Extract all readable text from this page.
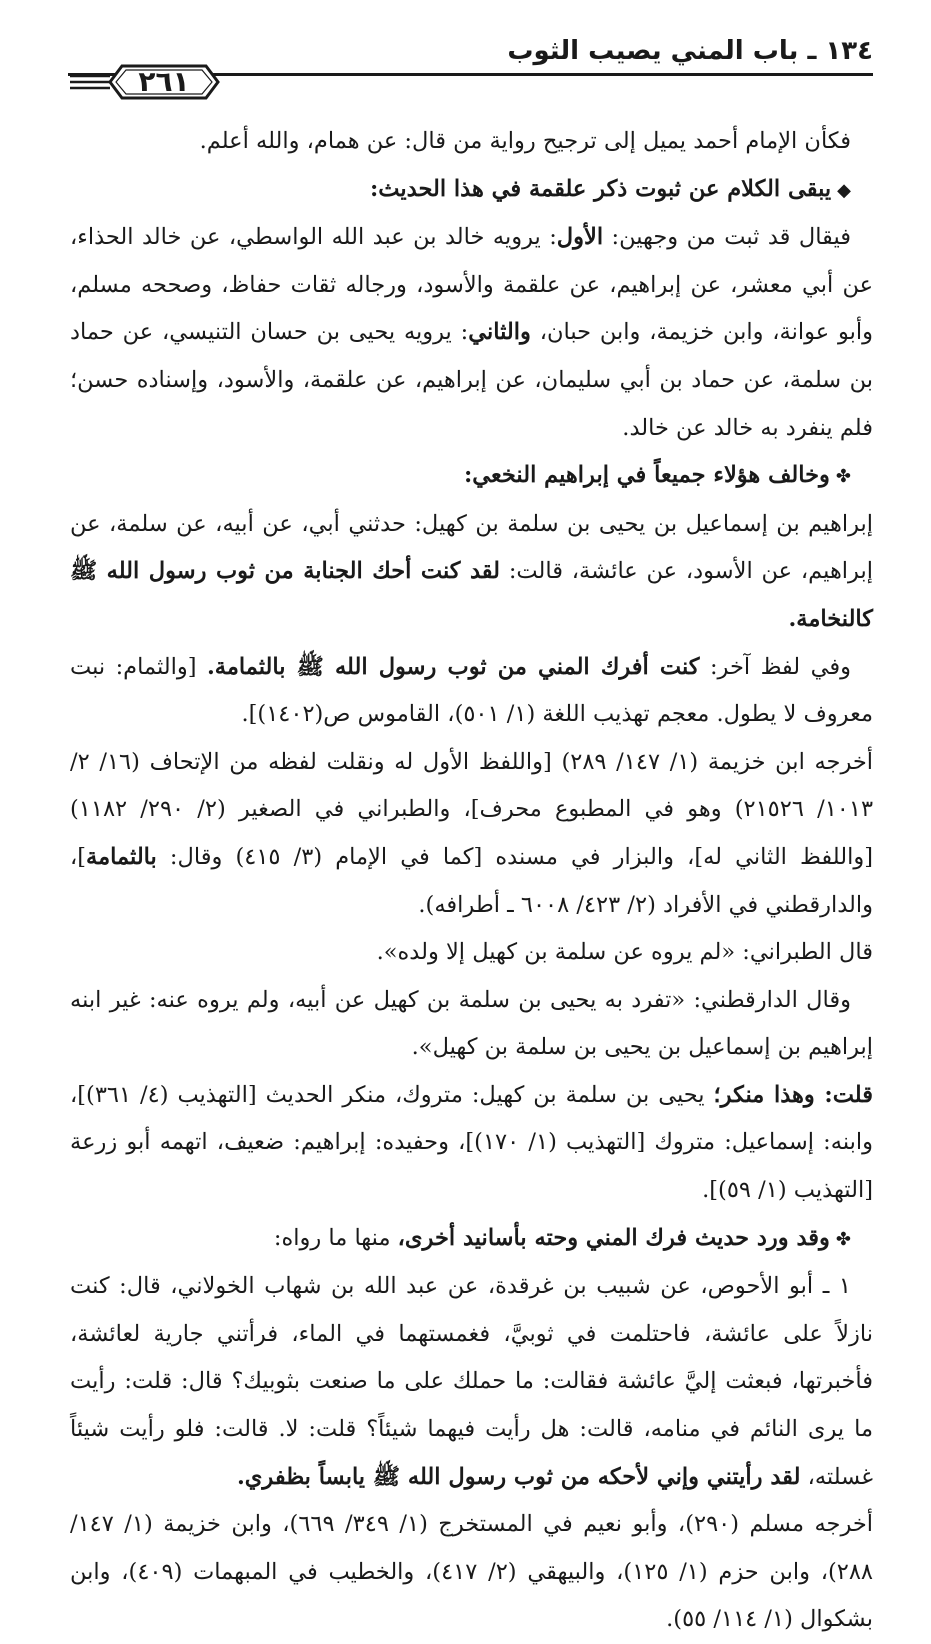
١٣٤ ـ باب المني يصيب الثوب
٢٦١

فكأن الإمام أحمد يميل إلى ترجيح رواية من قال: عن همام، والله أعلم.

◆يبقى الكلام عن ثبوت ذكر علقمة في هذا الحديث:

فيقال قد ثبت من وجهين: الأول: يرويه خالد بن عبد الله الواسطي، عن خالد الحذاء، عن أبي معشر، عن إبراهيم، عن علقمة والأسود، ورجاله ثقات حفاظ، وصححه مسلم، وأبو عوانة، وابن خزيمة، وابن حبان، والثاني: يرويه يحيى بن حسان التنيسي، عن حماد بن سلمة، عن حماد بن أبي سليمان، عن إبراهيم، عن علقمة، والأسود، وإسناده حسن؛ فلم ينفرد به خالد عن خالد.

✤وخالف هؤلاء جميعاً في إبراهيم النخعي:

إبراهيم بن إسماعيل بن يحيى بن سلمة بن كهيل: حدثني أبي، عن أبيه، عن سلمة، عن إبراهيم، عن الأسود، عن عائشة، قالت: لقد كنت أحك الجنابة من ثوب رسول الله ﷺ كالنخامة.

وفي لفظ آخر: كنت أفرك المني من ثوب رسول الله ﷺ بالثمامة. [والثمام: نبت معروف لا يطول. معجم تهذيب اللغة (١/ ٥٠١)، القاموس ص(١٤٠٢)].

أخرجه ابن خزيمة (١/ ١٤٧/ ٢٨٩) [واللفظ الأول له ونقلت لفظه من الإتحاف (١٦/ ٢/ ١٠١٣/ ٢١٥٢٦) وهو في المطبوع محرف]، والطبراني في الصغير (٢/ ٢٩٠/ ١١٨٢) [واللفظ الثاني له]، والبزار في مسنده [كما في الإمام (٣/ ٤١٥) وقال: بالثمامة]، والدارقطني في الأفراد (٢/ ٤٢٣/ ٦٠٠٨ ـ أطرافه).

قال الطبراني: «لم يروه عن سلمة بن كهيل إلا ولده».

وقال الدارقطني: «تفرد به يحيى بن سلمة بن كهيل عن أبيه، ولم يروه عنه: غير ابنه إبراهيم بن إسماعيل بن يحيى بن سلمة بن كهيل».

قلت: وهذا منكر؛ يحيى بن سلمة بن كهيل: متروك، منكر الحديث [التهذيب (٤/ ٣٦١)]، وابنه: إسماعيل: متروك [التهذيب (١/ ١٧٠)]، وحفيده: إبراهيم: ضعيف، اتهمه أبو زرعة [التهذيب (١/ ٥٩)].

✤وقد ورد حديث فرك المني وحته بأسانيد أخرى، منها ما رواه:

١ ـ أبو الأحوص، عن شبيب بن غرقدة، عن عبد الله بن شهاب الخولاني، قال: كنت نازلاً على عائشة، فاحتلمت في ثوبيَّ، فغمستهما في الماء، فرأتني جارية لعائشة، فأخبرتها، فبعثت إليَّ عائشة فقالت: ما حملك على ما صنعت بثوبيك؟ قال: قلت: رأيت ما يرى النائم في منامه، قالت: هل رأيت فيهما شيئاً؟ قلت: لا. قالت: فلو رأيت شيئاً غسلته، لقد رأيتني وإني لأحكه من ثوب رسول الله ﷺ يابساً بظفري.

أخرجه مسلم (٢٩٠)، وأبو نعيم في المستخرج (١/ ٣٤٩/ ٦٦٩)، وابن خزيمة (١/ ١٤٧/ ٢٨٨)، وابن حزم (١/ ١٢٥)، والبيهقي (٢/ ٤١٧)، والخطيب في المبهمات (٤٠٩)، وابن بشكوال (١/ ١١٤/ ٥٥).
